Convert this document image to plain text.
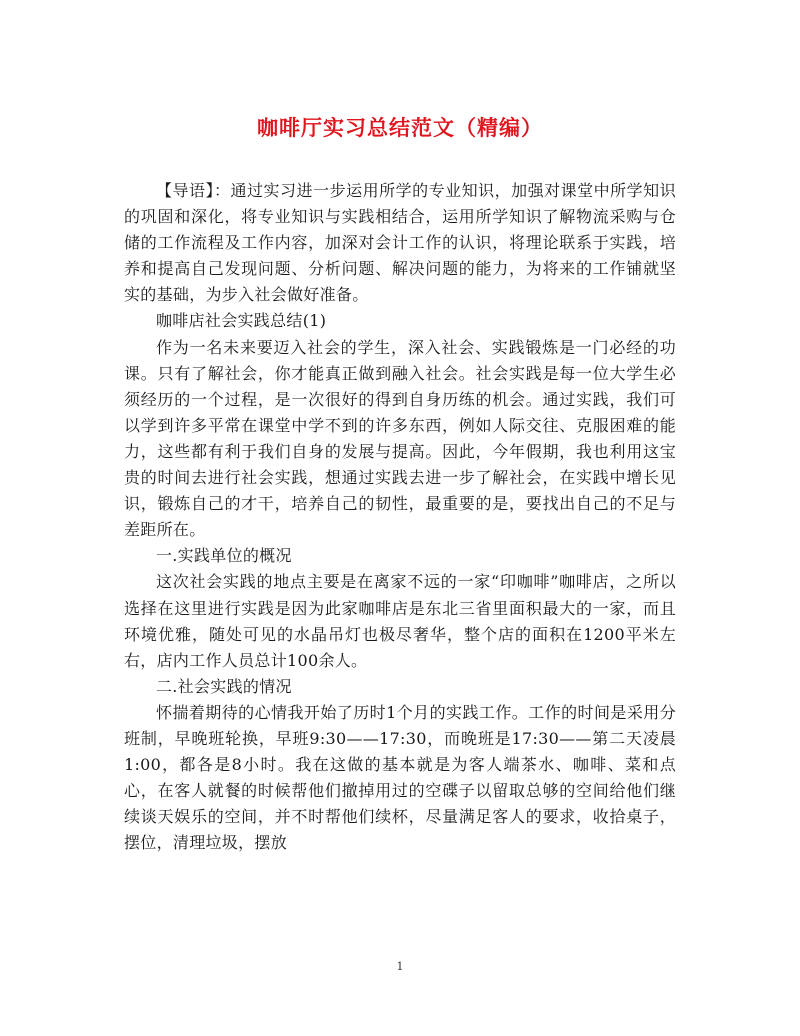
咖啡厅实习总结范文（精编）

【导语】：通过实习进一步运用所学的专业知识，加强对课堂中所学知识的巩固和深化，将专业知识与实践相结合，运用所学知识了解物流采购与仓储的工作流程及工作内容，加深对会计工作的认识，将理论联系于实践，培养和提高自己发现问题、分析问题、解决问题的能力，为将来的工作铺就坚实的基础，为步入社会做好准备。

咖啡店社会实践总结(1)

作为一名未来要迈入社会的学生，深入社会、实践锻炼是一门必经的功课。只有了解社会，你才能真正做到融入社会。社会实践是每一位大学生必须经历的一个过程，是一次很好的得到自身历练的机会。通过实践，我们可以学到许多平常在课堂中学不到的许多东西，例如人际交往、克服困难的能力，这些都有利于我们自身的发展与提高。因此，今年假期，我也利用这宝贵的时间去进行社会实践，想通过实践去进一步了解社会，在实践中增长见识，锻炼自己的才干，培养自己的韧性，最重要的是，要找出自己的不足与差距所在。

一.实践单位的概况

这次社会实践的地点主要是在离家不远的一家“印咖啡”咖啡店，之所以选择在这里进行实践是因为此家咖啡店是东北三省里面积最大的一家，而且环境优雅，随处可见的水晶吊灯也极尽奢华，整个店的面积在1200平米左右，店内工作人员总计100余人。

二.社会实践的情况

怀揣着期待的心情我开始了历时1个月的实践工作。工作的时间是采用分班制，早晚班轮换，早班9:30——17:30，而晚班是17:30——第二天凌晨1:00，都各是8小时。我在这做的基本就是为客人端茶水、咖啡、菜和点心，在客人就餐的时候帮他们撤掉用过的空碟子以留取总够的空间给他们继续谈天娱乐的空间，并不时帮他们续杯，尽量满足客人的要求，收拾桌子，摆位，清理垃圾，摆放

1
